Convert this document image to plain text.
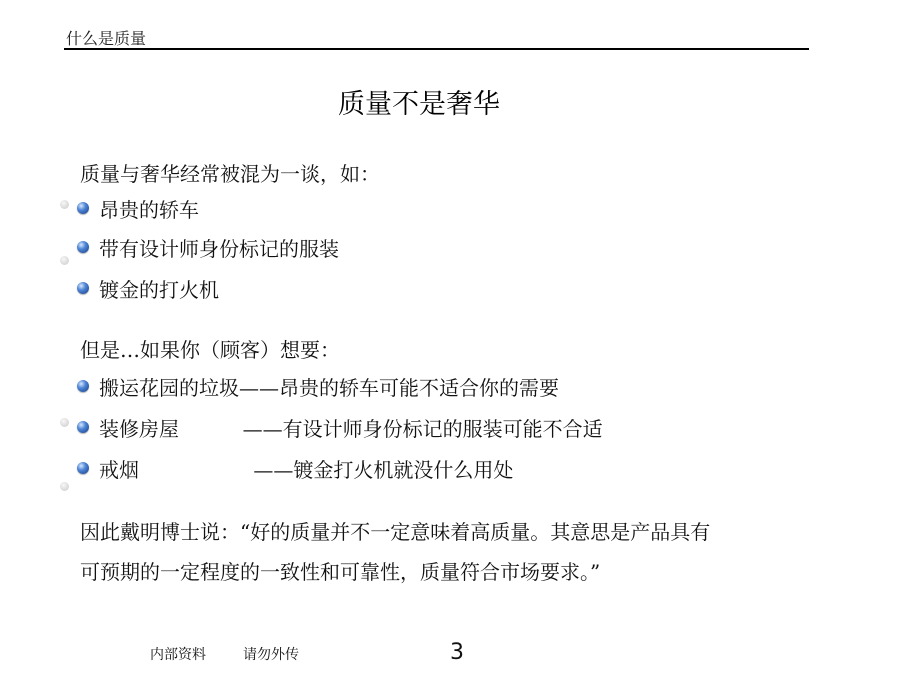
什么是质量
质量不是奢华
质量与奢华经常被混为一谈，如：
昂贵的轿车
带有设计师身份标记的服装
镀金的打火机
但是…如果你（顾客）想要：
搬运花园的垃圾——昂贵的轿车可能不适合你的需要
装修房屋          ——有设计师身份标记的服装可能不合适
戒烟                  ——镀金打火机就没什么用处
因此戴明博士说：“好的质量并不一定意味着高质量。其意思是产品具有
可预期的一定程度的一致性和可靠性，质量符合市场要求。”
内部资料	请勿外传	3
